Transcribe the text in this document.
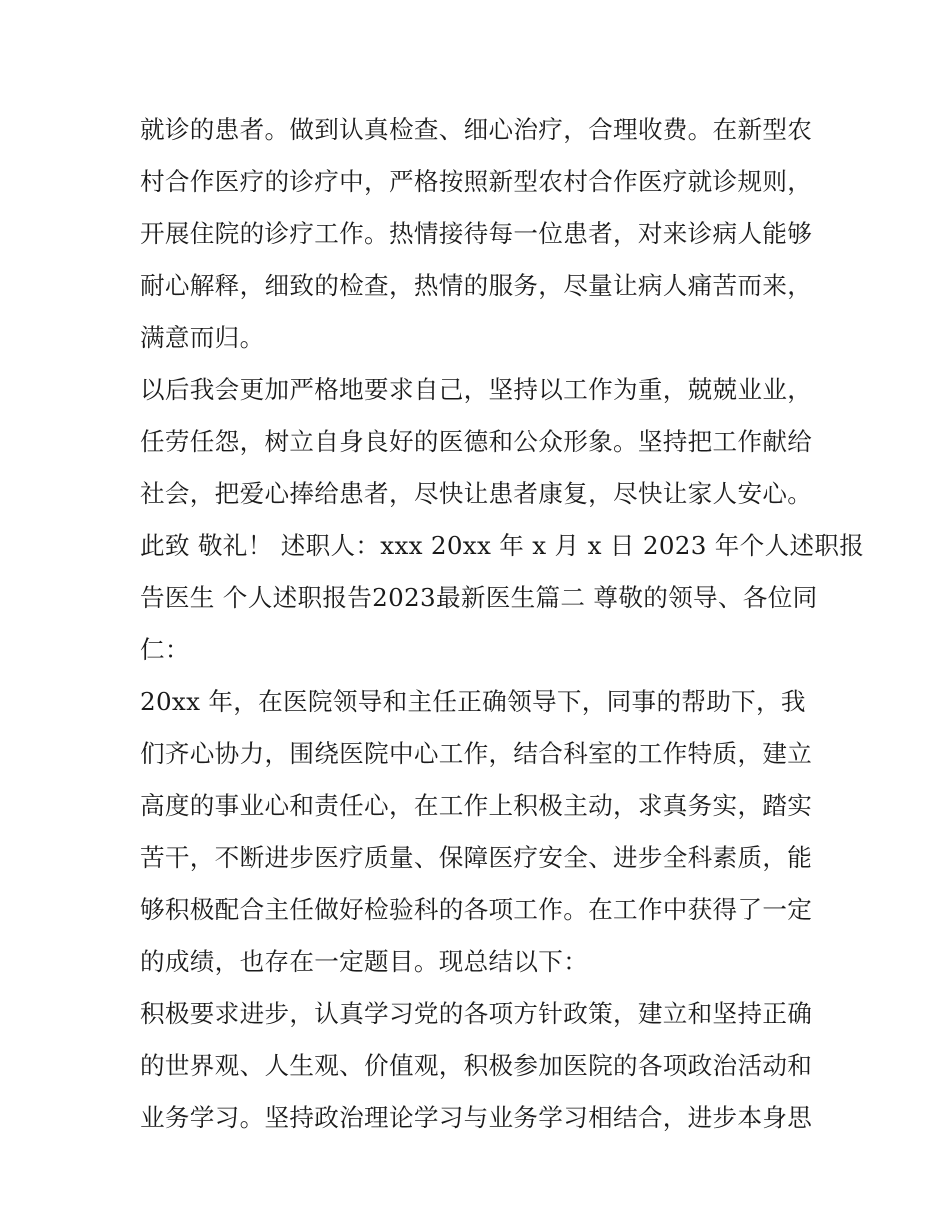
就诊的患者。做到认真检查、细心治疗，合理收费。在新型农
村合作医疗的诊疗中，严格按照新型农村合作医疗就诊规则，
开展住院的诊疗工作。热情接待每一位患者，对来诊病人能够
耐心解释，细致的检查，热情的服务，尽量让病人痛苦而来，
满意而归。
以后我会更加严格地要求自己，坚持以工作为重，兢兢业业，
任劳任怨，树立自身良好的医德和公众形象。坚持把工作献给
社会，把爱心捧给患者，尽快让患者康复，尽快让家人安心。
此致 敬礼！ 述职人：xxx 20xx 年 x 月 x 日 2023 年个人述职报
告医生 个人述职报告2023最新医生篇二 尊敬的领导、各位同
仁：
20xx 年，在医院领导和主任正确领导下，同事的帮助下，我
们齐心协力，围绕医院中心工作，结合科室的工作特质，建立
高度的事业心和责任心，在工作上积极主动，求真务实，踏实
苦干，不断进步医疗质量、保障医疗安全、进步全科素质，能
够积极配合主任做好检验科的各项工作。在工作中获得了一定
的成绩，也存在一定题目。现总结以下：
积极要求进步，认真学习党的各项方针政策，建立和坚持正确
的世界观、人生观、价值观，积极参加医院的各项政治活动和
业务学习。坚持政治理论学习与业务学习相结合，进步本身思
